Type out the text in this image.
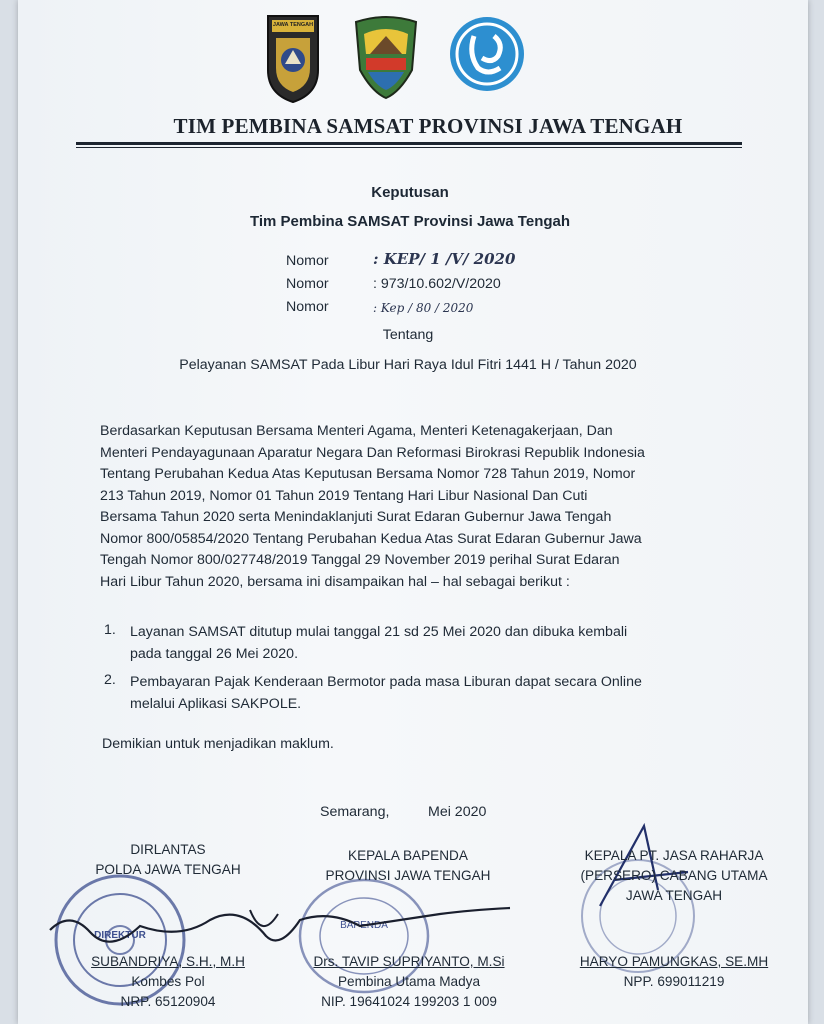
JAWA TENGAH
TIM PEMBINA SAMSAT PROVINSI JAWA TENGAH
Keputusan
Tim Pembina SAMSAT Provinsi Jawa Tengah
Nomor	: KEP/ 1 /V/ 2020
Nomor	: 973/10.602/V/2020
Nomor	: Kep / 80 / 2020
Tentang
Pelayanan SAMSAT Pada Libur Hari Raya Idul Fitri 1441 H / Tahun 2020
Berdasarkan Keputusan Bersama Menteri Agama, Menteri Ketenagakerjaan, Dan
Menteri Pendayagunaan Aparatur Negara Dan Reformasi Birokrasi Republik Indonesia
Tentang Perubahan Kedua Atas Keputusan Bersama Nomor 728 Tahun 2019, Nomor
213 Tahun 2019, Nomor 01 Tahun 2019 Tentang Hari Libur Nasional Dan Cuti
Bersama Tahun 2020 serta Menindaklanjuti Surat Edaran Gubernur Jawa Tengah
Nomor 800/05854/2020 Tentang Perubahan Kedua Atas Surat Edaran Gubernur Jawa
Tengah Nomor 800/027748/2019 Tanggal 29 November 2019 perihal Surat Edaran
Hari Libur Tahun 2020, bersama ini disampaikan hal – hal sebagai berikut :
1. Layanan SAMSAT ditutup mulai tanggal 21 sd 25 Mei 2020 dan dibuka kembali
pada tanggal 26 Mei 2020.
2. Pembayaran Pajak Kenderaan Bermotor pada masa Liburan dapat secara Online
melalui Aplikasi SAKPOLE.
Demikian untuk menjadikan maklum.
Semarang,	Mei 2020
DIREKTUR
BAPENDA
DIRLANTAS
POLDA JAWA TENGAH
SUBANDRIYA, S.H., M.H
Kombes Pol
NRP. 65120904
KEPALA BAPENDA
PROVINSI JAWA TENGAH
Drs. TAVIP SUPRIYANTO, M.Si
Pembina Utama Madya
NIP. 19641024 199203 1 009
KEPALA PT. JASA RAHARJA
(PERSERO) CABANG UTAMA
JAWA TENGAH
HARYO PAMUNGKAS, SE.MH
NPP. 699011219
